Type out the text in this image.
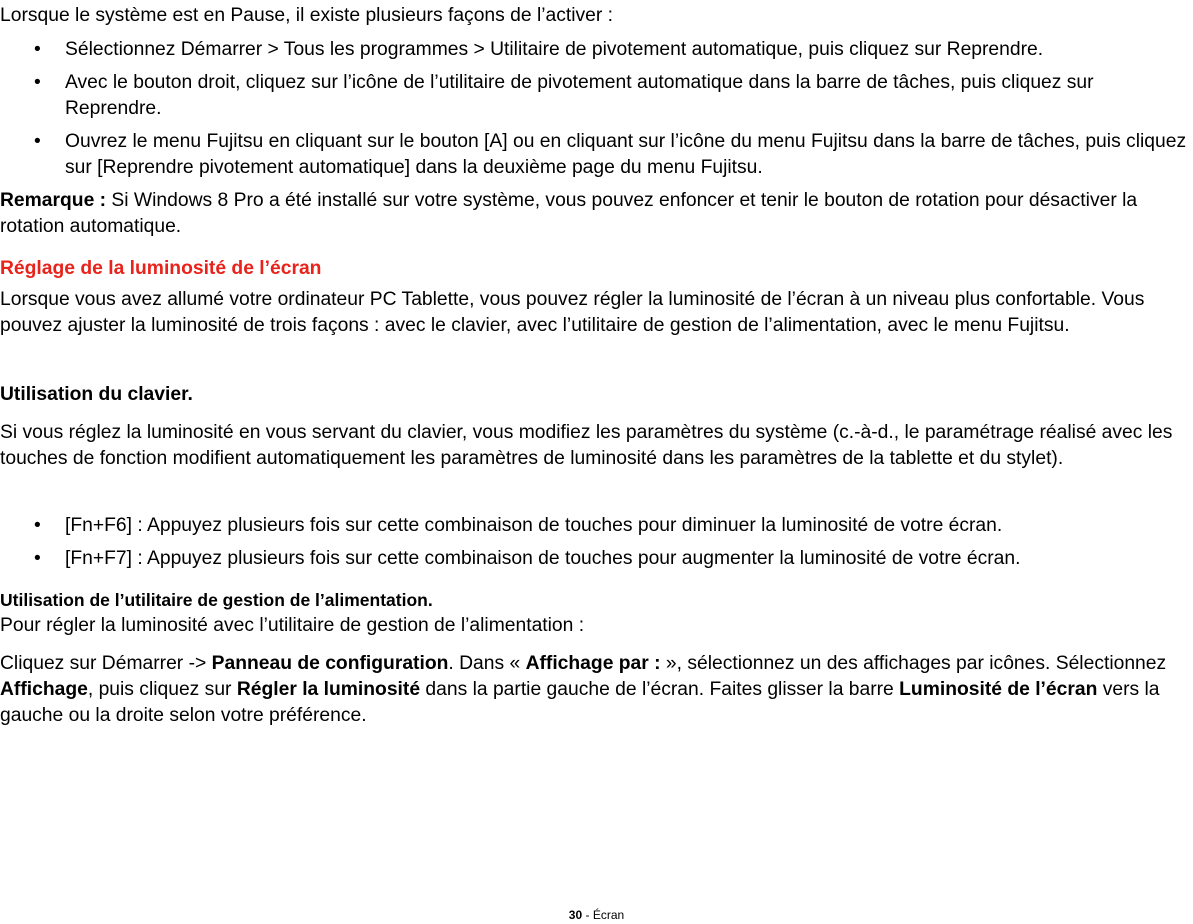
Lorsque le système est en Pause, il existe plusieurs façons de l’activer :

• Sélectionnez Démarrer > Tous les programmes > Utilitaire de pivotement automatique, puis cliquez sur Reprendre.
• Avec le bouton droit, cliquez sur l’icône de l’utilitaire de pivotement automatique dans la barre de tâches, puis cliquez sur Reprendre.
• Ouvrez le menu Fujitsu en cliquant sur le bouton [A] ou en cliquant sur l’icône du menu Fujitsu dans la barre de tâches, puis cliquez sur [Reprendre pivotement automatique] dans la deuxième page du menu Fujitsu.

Remarque : Si Windows 8 Pro a été installé sur votre système, vous pouvez enfoncer et tenir le bouton de rotation pour désactiver la rotation automatique.

Réglage de la luminosité de l’écran

Lorsque vous avez allumé votre ordinateur PC Tablette, vous pouvez régler la luminosité de l’écran à un niveau plus confortable. Vous pouvez ajuster la luminosité de trois façons : avec le clavier, avec l’utilitaire de gestion de l’alimentation, avec le menu Fujitsu.

Utilisation du clavier.

Si vous réglez la luminosité en vous servant du clavier, vous modifiez les paramètres du système (c.-à-d., le paramétrage réalisé avec les touches de fonction modifient automatiquement les paramètres de luminosité dans les paramètres de la tablette et du stylet).

• [Fn+F6] : Appuyez plusieurs fois sur cette combinaison de touches pour diminuer la luminosité de votre écran.
• [Fn+F7] : Appuyez plusieurs fois sur cette combinaison de touches pour augmenter la luminosité de votre écran.

Utilisation de l’utilitaire de gestion de l’alimentation.

Pour régler la luminosité avec l’utilitaire de gestion de l’alimentation :

Cliquez sur Démarrer -> Panneau de configuration. Dans « Affichage par : », sélectionnez un des affichages par icônes. Sélectionnez Affichage, puis cliquez sur Régler la luminosité dans la partie gauche de l’écran. Faites glisser la barre Luminosité de l’écran vers la gauche ou la droite selon votre préférence.

30 - Écran
